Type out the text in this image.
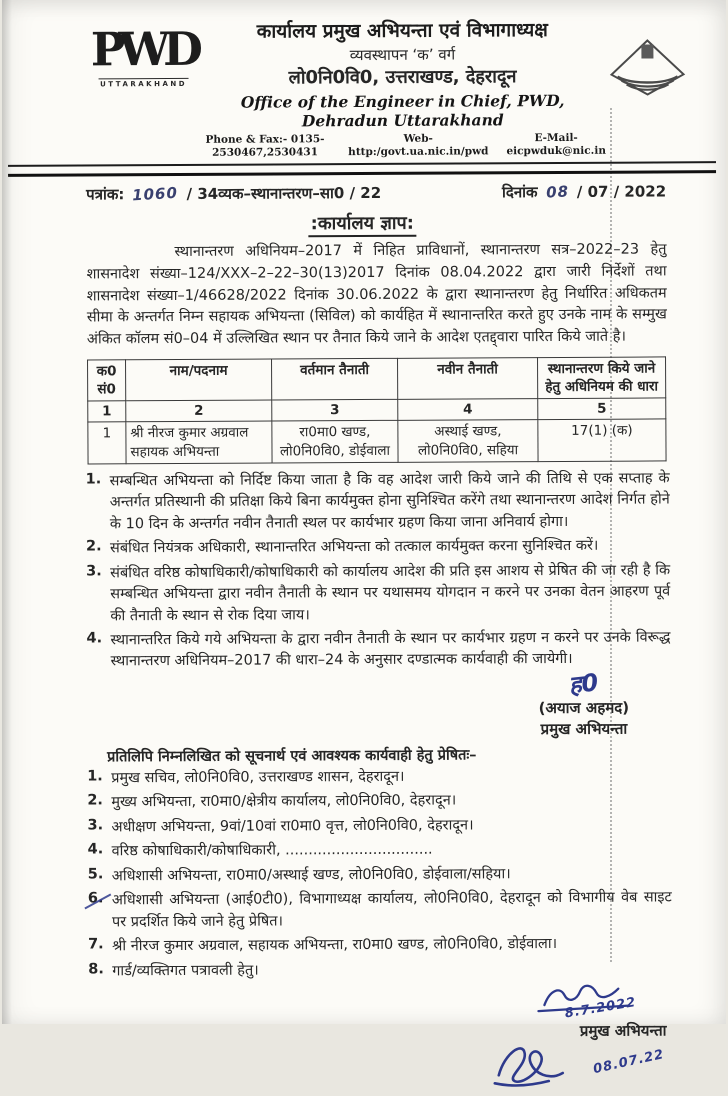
PWD
UTTARAKHAND
कार्यालय प्रमुख अभियन्ता एवं विभागाध्यक्ष
व्यवस्थापन ‘क’ वर्ग
लो0नि0वि0, उत्तराखण्ड, देहरादून
Office of the Engineer in Chief, PWD, Dehradun Uttarakhand
Phone & Fax:- 0135-2530467,2530431
Web- http:/govt.ua.nic.in/pwd
E-Mail-eicpwduk@nic.in
पत्रांक: 1060 / 34व्यक–स्थानान्तरण–सा0 / 22	दिनांक 08 / 07 / 2022
:कार्यालय ज्ञाप:
स्थानान्तरण अधिनियम–2017 में निहित प्राविधानों, स्थानान्तरण सत्र–2022–23 हेतु शासनादेश संख्या–124/XXX–2–22–30(13)2017 दिनांक 08.04.2022 द्वारा जारी निर्देशों तथा शासनादेश संख्या–1/46628/2022 दिनांक 30.06.2022 के द्वारा स्थानान्तरण हेतु निर्धारित अधिकतम सीमा के अन्तर्गत निम्न सहायक अभियन्ता (सिविल) को कार्यहित में स्थानान्तरित करते हुए उनके नाम के सम्मुख अंकित कॉलम सं0–04 में उल्लिखित स्थान पर तैनात किये जाने के आदेश एतद्द्वारा पारित किये जाते है।
क0
सं0	नाम/पदनाम	वर्तमान तैनाती	नवीन तैनाती	स्थानान्तरण किये जाने हेतु अधिनियम की धारा
1	2	3	4	5
1	श्री नीरज कुमार अग्रवाल
सहायक अभियन्ता	रा0मा0 खण्ड,
लो0नि0वि0, डोईवाला	अस्थाई खण्ड,
लो0नि0वि0, सहिया	17(1) (क)
1. सम्बन्धित अभियन्ता को निर्दिष्ट किया जाता है कि वह आदेश जारी किये जाने की तिथि से एक सप्ताह के अन्तर्गत प्रतिस्थानी की प्रतिक्षा किये बिना कार्यमुक्त होना सुनिश्चित करेंगे तथा स्थानान्तरण आदेश निर्गत होने के 10 दिन के अन्तर्गत नवीन तैनाती स्थल पर कार्यभार ग्रहण किया जाना अनिवार्य होगा।
2. संबंधित नियंत्रक अधिकारी, स्थानान्तरित अभियन्ता को तत्काल कार्यमुक्त करना सुनिश्चित करें।
3. संबंधित वरिष्ठ कोषाधिकारी/कोषाधिकारी को कार्यालय आदेश की प्रति इस आशय से प्रेषित की जा रही है कि सम्बन्धित अभियन्ता द्वारा नवीन तैनाती के स्थान पर यथासमय योगदान न करने पर उनका वेतन आहरण पूर्व की तैनाती के स्थान से रोक दिया जाय।
4. स्थानान्तरित किये गये अभियन्ता के द्वारा नवीन तैनाती के स्थान पर कार्यभार ग्रहण न करने पर उनके विरूद्ध स्थानान्तरण अधिनियम–2017 की धारा–24 के अनुसार दण्डात्मक कार्यवाही की जायेगी।
ह0
(अयाज अहमद)
प्रमुख अभियन्ता
प्रतिलिपि निम्नलिखित को सूचनार्थ एवं आवश्यक कार्यवाही हेतु प्रेषितः–
1. प्रमुख सचिव, लो0नि0वि0, उत्तराखण्ड शासन, देहरादून।
2. मुख्य अभियन्ता, रा0मा0/क्षेत्रीय कार्यालय, लो0नि0वि0, देहरादून।
3. अधीक्षण अभियन्ता, 9वां/10वां रा0मा0 वृत्त, लो0नि0वि0, देहरादून।
4. वरिष्ठ कोषाधिकारी/कोषाधिकारी, ................................
5. अधिशासी अभियन्ता, रा0मा0/अस्थाई खण्ड, लो0नि0वि0, डोईवाला/सहिया।
6. अधिशासी अभियन्ता (आई0टी0), विभागाध्यक्ष कार्यालय, लो0नि0वि0, देहरादून को विभागीय वेब साइट पर प्रदर्शित किये जाने हेतु प्रेषित।
7. श्री नीरज कुमार अग्रवाल, सहायक अभियन्ता, रा0मा0 खण्ड, लो0नि0वि0, डोईवाला।
8. गार्ड/व्यक्तिगत पत्रावली हेतु।
8.7.2022
प्रमुख अभियन्ता
08.07.22
